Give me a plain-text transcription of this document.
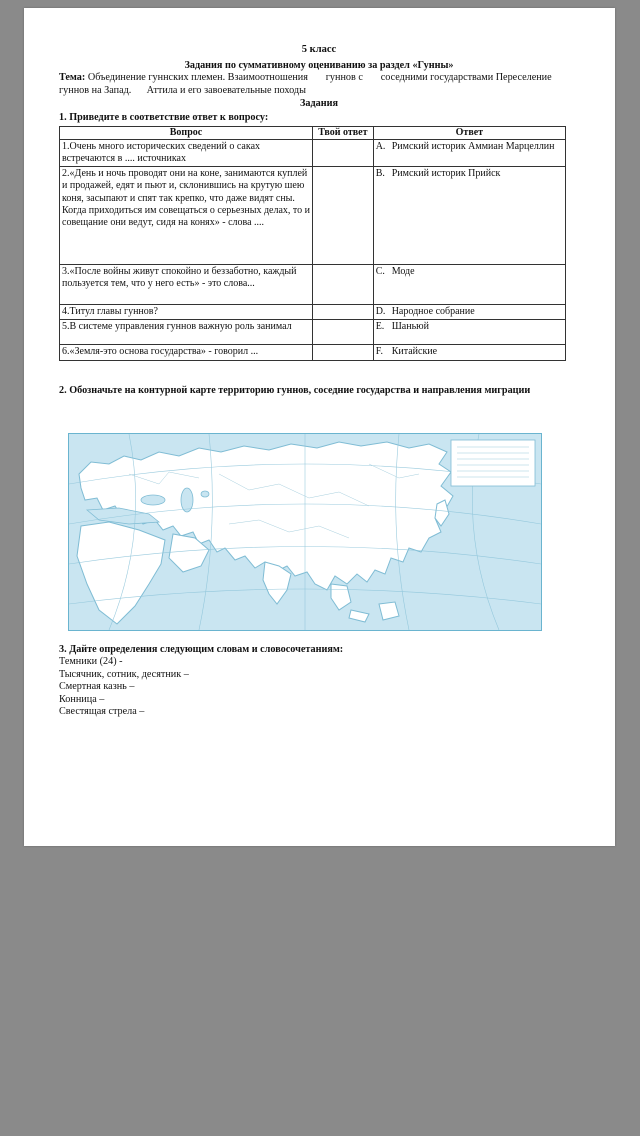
5 класс
Задания по суммативному оцениванию за раздел «Гунны»
Тема: Объединение гуннских племен. Взаимоотношения       гуннов с       соседними государствами Переселение гуннов на Запад.      Аттила и его завоевательные походы
Задания
1. Приведите в соответствие ответ к вопросу:
Вопрос	Твой ответ	Ответ
1.Очень много исторических сведений о саках встречаются в .... источниках		A. Римский историк Аммиан Марцеллин

2.«День и ночь проводят они на коне, занимаются куплей и продажей, едят и пьют и, склонившись на крутую шею коня, засыпают и спят так крепко, что даже видят сны. Когда приходиться им совещаться о серьезных делах, то и совещание они ведут, сидя на конях» - слова ....		B. Римский историк Прийск

3.«После войны живут спокойно и беззаботно, каждый пользуется тем, что у него есть» - это слова...		C. Моде

4.Титул главы гуннов?		D. Народное собрание

5.В системе управления гуннов важную роль занимал		E. Шаньюй

6.«Земля-это основа государства» - говорил ...		F. Китайские
2. Обозначьте на контурной карте территорию гуннов, соседние государства и направления миграции
3. Дайте определения следующим словам и словосочетаниям:
Темники (24) -
Тысячник, сотник, десятник –
Смертная казнь –
Конница –
Свестящая стрела –
